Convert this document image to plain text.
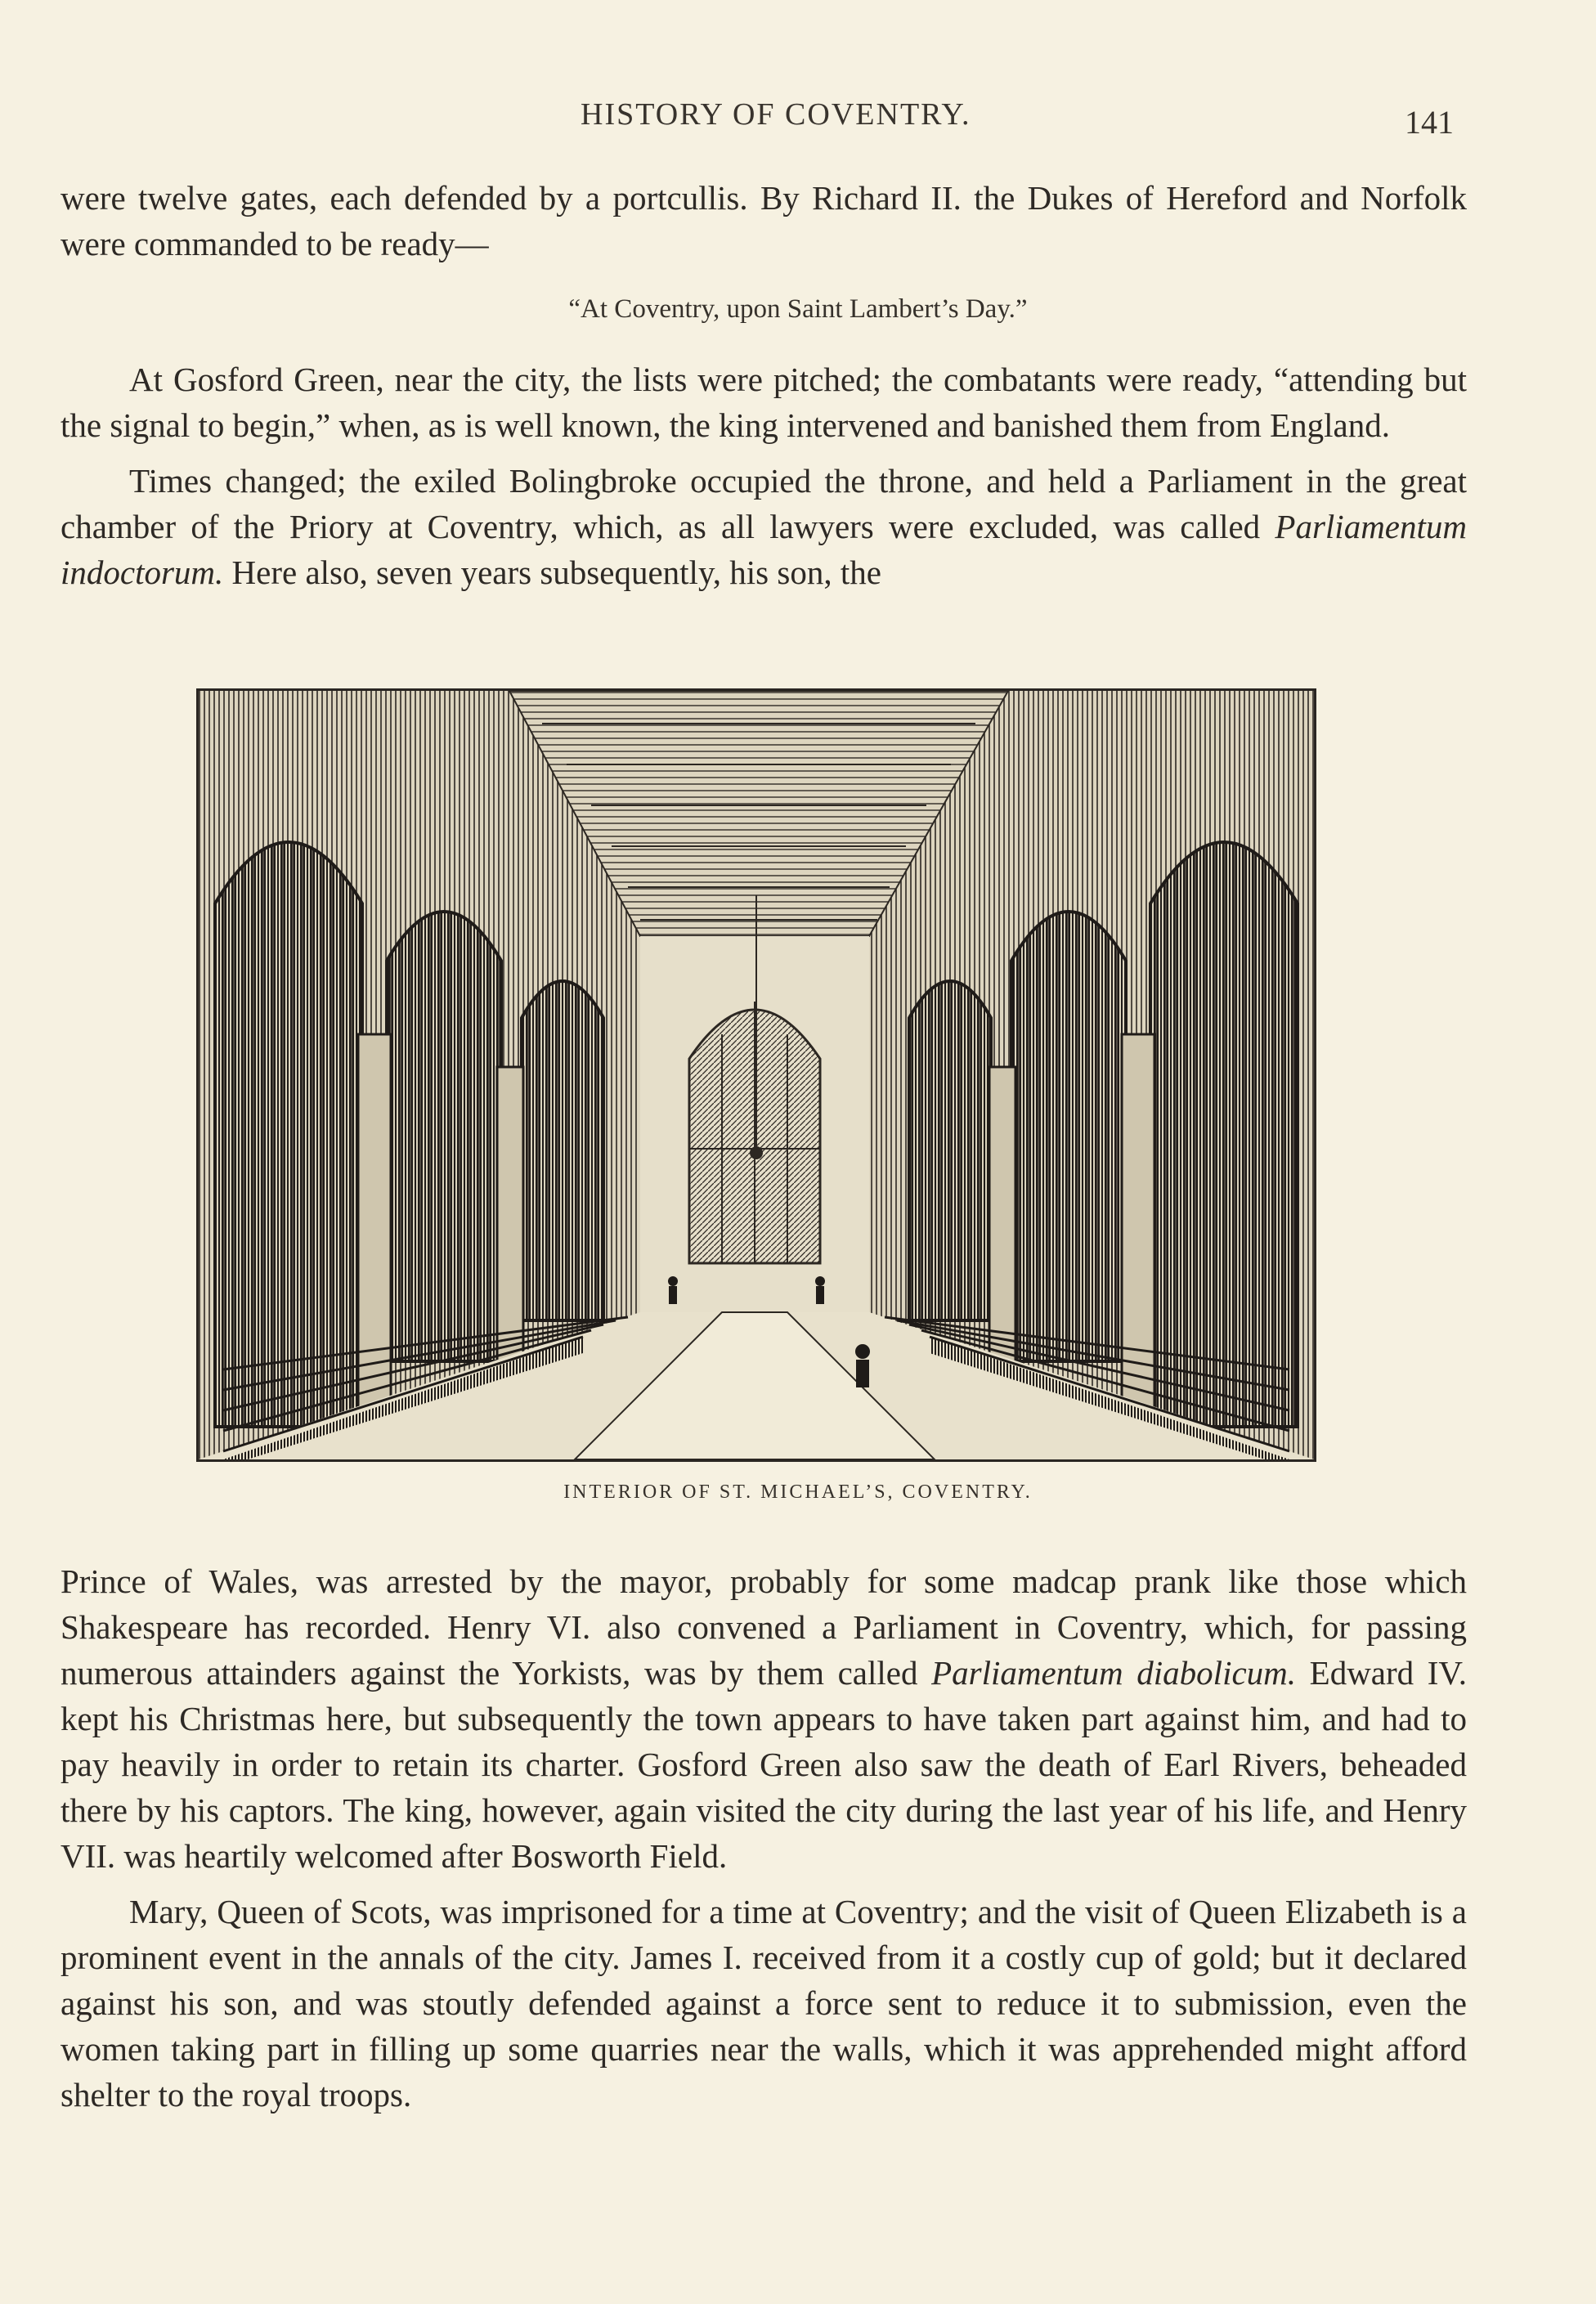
HISTORY OF COVENTRY.	141

were twelve gates, each defended by a portcullis. By Richard II. the Dukes of Hereford and Norfolk were commanded to be ready—

“At Coventry, upon Saint Lambert’s Day.”

At Gosford Green, near the city, the lists were pitched; the combatants were ready, “attending but the signal to begin,” when, as is well known, the king intervened and banished them from England.

Times changed; the exiled Bolingbroke occupied the throne, and held a Parliament in the great chamber of the Priory at Coventry, which, as all lawyers were excluded, was called Parliamentum indoctorum. Here also, seven years subsequently, his son, the

INTERIOR OF ST. MICHAEL’S, COVENTRY.

Prince of Wales, was arrested by the mayor, probably for some madcap prank like those which Shakespeare has recorded. Henry VI. also convened a Parliament in Coventry, which, for passing numerous attainders against the Yorkists, was by them called Parliamentum diabolicum. Edward IV. kept his Christmas here, but subsequently the town appears to have taken part against him, and had to pay heavily in order to retain its charter. Gosford Green also saw the death of Earl Rivers, beheaded there by his captors. The king, however, again visited the city during the last year of his life, and Henry VII. was heartily welcomed after Bosworth Field.

Mary, Queen of Scots, was imprisoned for a time at Coventry; and the visit of Queen Elizabeth is a prominent event in the annals of the city. James I. received from it a costly cup of gold; but it declared against his son, and was stoutly defended against a force sent to reduce it to submission, even the women taking part in filling up some quarries near the walls, which it was apprehended might afford shelter to the royal troops.
